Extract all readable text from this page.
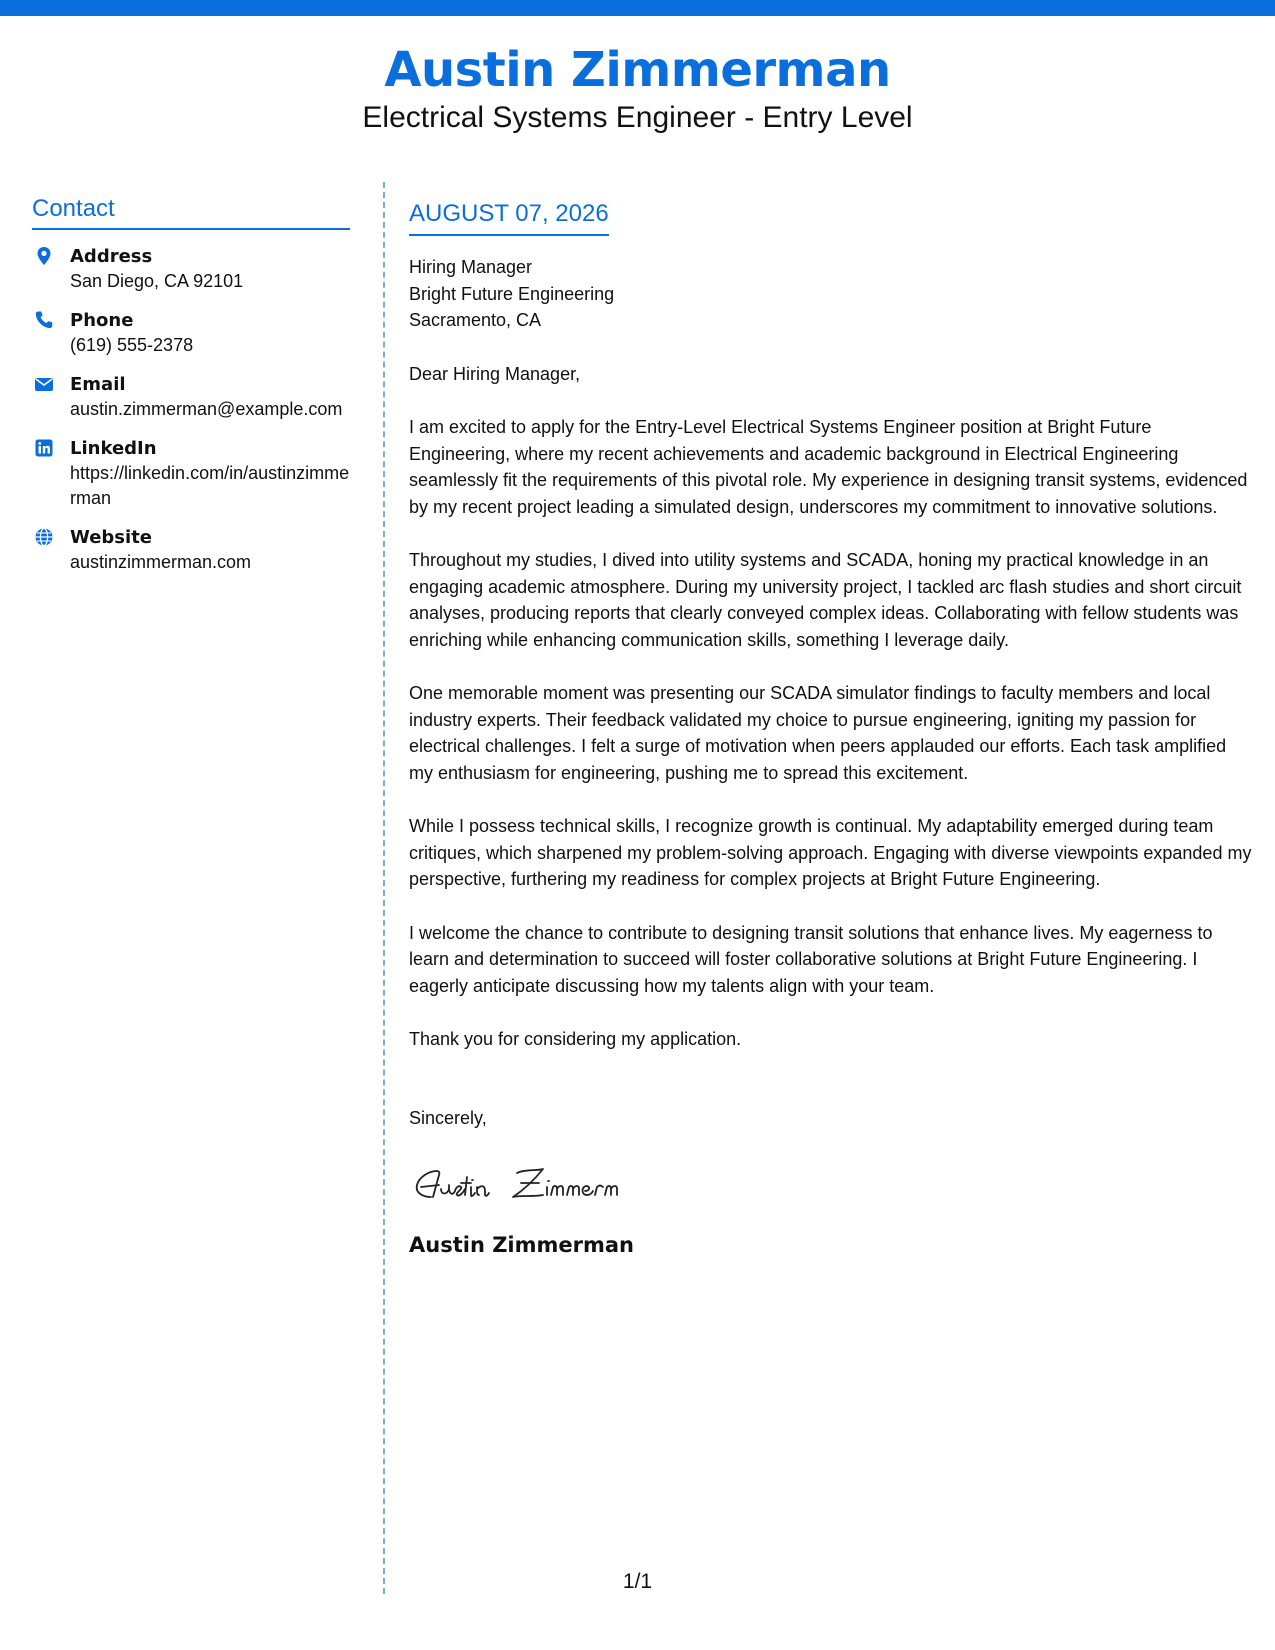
Austin Zimmerman
Electrical Systems Engineer - Entry Level
Contact
Address
San Diego, CA 92101
Phone
(619) 555-2378
Email
austin.zimmerman@example.com
LinkedIn
https://linkedin.com/in/austinzimmerman
Website
austinzimmerman.com
AUGUST 07, 2026
Hiring Manager
Bright Future Engineering
Sacramento, CA
Dear Hiring Manager,
I am excited to apply for the Entry-Level Electrical Systems Engineer position at Bright Future Engineering, where my recent achievements and academic background in Electrical Engineering seamlessly fit the requirements of this pivotal role. My experience in designing transit systems, evidenced by my recent project leading a simulated design, underscores my commitment to innovative solutions.
Throughout my studies, I dived into utility systems and SCADA, honing my practical knowledge in an engaging academic atmosphere. During my university project, I tackled arc flash studies and short circuit analyses, producing reports that clearly conveyed complex ideas. Collaborating with fellow students was enriching while enhancing communication skills, something I leverage daily.
One memorable moment was presenting our SCADA simulator findings to faculty members and local industry experts. Their feedback validated my choice to pursue engineering, igniting my passion for electrical challenges. I felt a surge of motivation when peers applauded our efforts. Each task amplified my enthusiasm for engineering, pushing me to spread this excitement.
While I possess technical skills, I recognize growth is continual. My adaptability emerged during team critiques, which sharpened my problem-solving approach. Engaging with diverse viewpoints expanded my perspective, furthering my readiness for complex projects at Bright Future Engineering.
I welcome the chance to contribute to designing transit solutions that enhance lives. My eagerness to learn and determination to succeed will foster collaborative solutions at Bright Future Engineering. I eagerly anticipate discussing how my talents align with your team.
Thank you for considering my application.
Sincerely,
Austin Zimmerman
1/1
